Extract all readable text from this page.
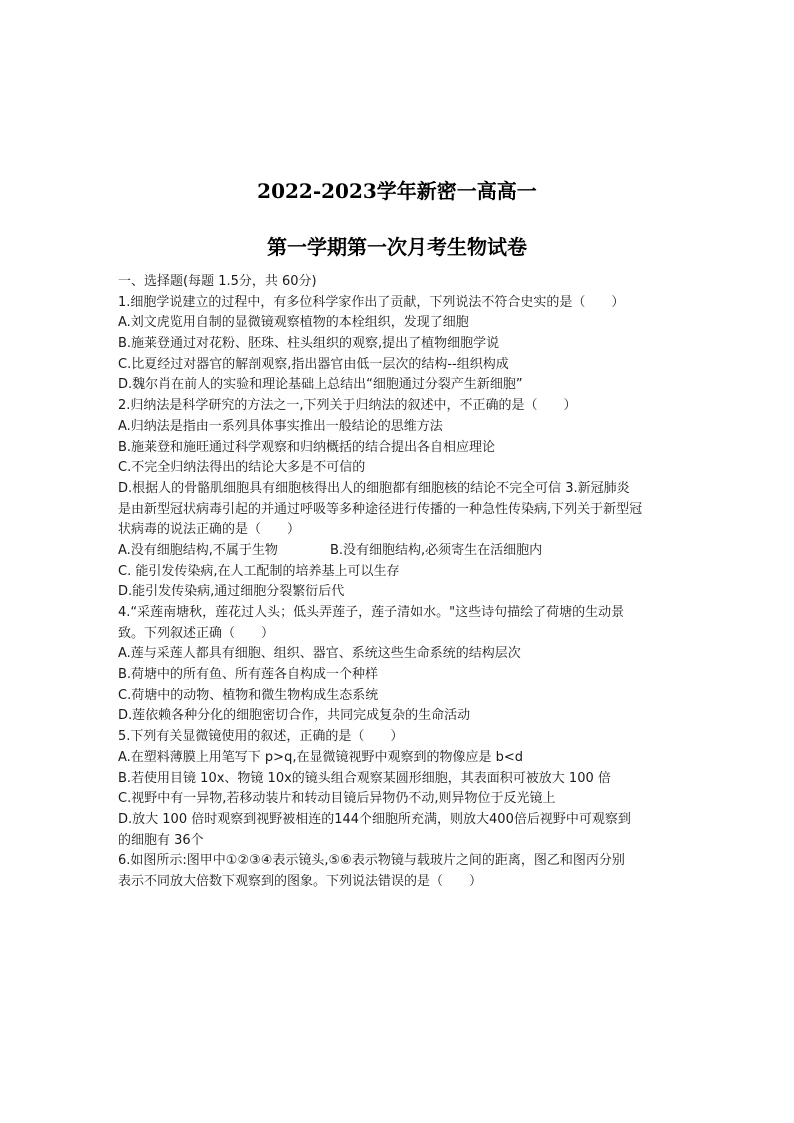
2022-2023学年新密一高高一
第一学期第一次月考生物试卷
一、选择题(每题 1.5分，共 60分)
1.细胞学说建立的过程中，有多位科学家作出了贡献，下列说法不符合史实的是（　　）
A.刘文虎览用自制的显微镜观察植物的本栓组织，发现了细胞
B.施莱登通过对花粉、胚珠、柱头组织的观察,提出了植物细胞学说
C.比夏经过对器官的解剖观察,指出器官由低一层次的结构--组织构成
D.魏尔肖在前人的实验和理论基础上总结出“细胞通过分裂产生新细胞”
2.归纳法是科学研究的方法之一,下列关于归纳法的叙述中，不正确的是（　　）
A.归纳法是指由一系列具体事实推出一般结论的思维方法
B.施莱登和施旺通过科学观察和归纳概括的结合提出各自相应理论
C.不完全归纳法得出的结论大多是不可信的
D.根据人的骨骼肌细胞具有细胞核得出人的细胞都有细胞核的结论不完全可信 3.新冠肺炎
是由新型冠状病毒引起的并通过呼吸等多种途径进行传播的一种急性传染病,下列关于新型冠
状病毒的说法正确的是（　　）
A.没有细胞结构,不属于生物	B.没有细胞结构,必须寄生在活细胞内
C. 能引发传染病,在人工配制的培养基上可以生存
D.能引发传染病,通过细胞分裂繁衍后代
4.“采莲南塘秋，莲花过人头；低头弄莲子，莲子清如水。"这些诗句描绘了荷塘的生动景
致。下列叙述正确（　　）
A.莲与采莲人都具有细胞、组织、器官、系统这些生命系统的结构层次
B.荷塘中的所有鱼、所有莲各自构成一个种样
C.荷塘中的动物、植物和微生物构成生态系统
D.莲依赖各种分化的细胞密切合作，共同完成复杂的生命活动
5.下列有关显微镜使用的叙述，正确的是（　　）
A.在塑料薄膜上用笔写下 p>q,在显微镜视野中观察到的物像应是 b<d
B.若使用目镜 10x、物镜 10x的镜头组合观察某圆形细胞，其表面积可被放大 100 倍
C.视野中有一异物,若移动装片和转动目镜后异物仍不动,则异物位于反光镜上
D.放大 100 倍时观察到视野被相连的144个细胞所充满，则放大400倍后视野中可观察到
的细胞有 36个
6.如图所示:图甲中①②③④表示镜头,⑤⑥表示物镜与载玻片之间的距离，图乙和图丙分别
表示不同放大倍数下观察到的图象。下列说法错误的是（　　）
